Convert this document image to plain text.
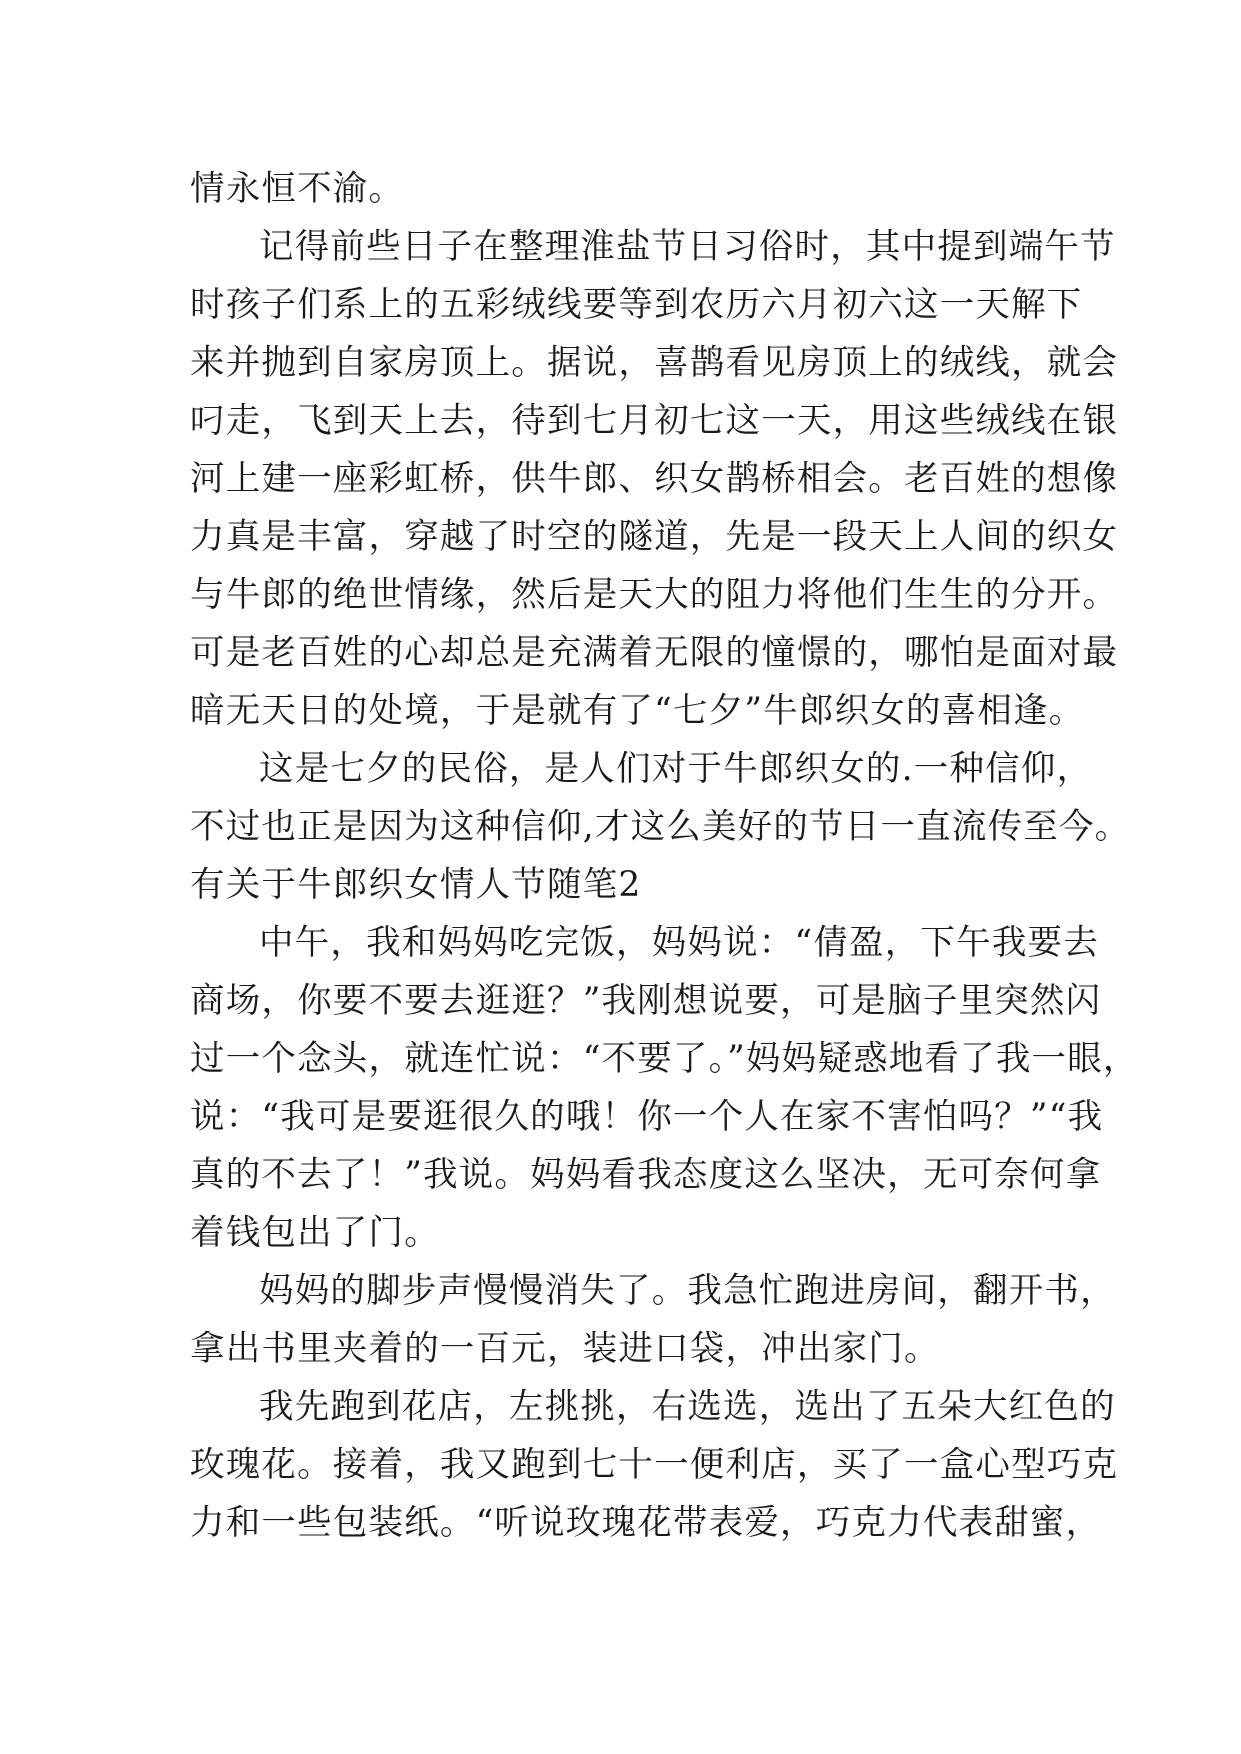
情永恒不渝。
记得前些日子在整理淮盐节日习俗时，其中提到端午节
时孩子们系上的五彩绒线要等到农历六月初六这一天解下
来并抛到自家房顶上。据说，喜鹊看见房顶上的绒线，就会
叼走，飞到天上去，待到七月初七这一天，用这些绒线在银
河上建一座彩虹桥，供牛郎、织女鹊桥相会。老百姓的想像
力真是丰富，穿越了时空的隧道，先是一段天上人间的织女
与牛郎的绝世情缘，然后是天大的阻力将他们生生的分开。
可是老百姓的心却总是充满着无限的憧憬的，哪怕是面对最
暗无天日的处境，于是就有了“七夕”牛郎织女的喜相逢。
这是七夕的民俗，是人们对于牛郎织女的.一种信仰，
不过也正是因为这种信仰,才这么美好的节日一直流传至今。
有关于牛郎织女情人节随笔2
中午，我和妈妈吃完饭，妈妈说：“倩盈，下午我要去
商场，你要不要去逛逛？”我刚想说要，可是脑子里突然闪
过一个念头，就连忙说：“不要了。”妈妈疑惑地看了我一眼，
说：“我可是要逛很久的哦！你一个人在家不害怕吗？”“我
真的不去了！”我说。妈妈看我态度这么坚决，无可奈何拿
着钱包出了门。
妈妈的脚步声慢慢消失了。我急忙跑进房间，翻开书，
拿出书里夹着的一百元，装进口袋，冲出家门。
我先跑到花店，左挑挑，右选选，选出了五朵大红色的
玫瑰花。接着，我又跑到七十一便利店，买了一盒心型巧克
力和一些包装纸。“听说玫瑰花带表爱，巧克力代表甜蜜，
